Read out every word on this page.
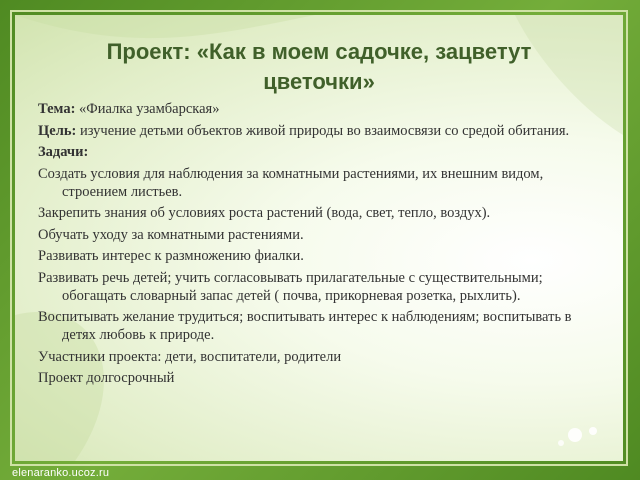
Проект: «Как в моем садочке, зацветут цветочки»
Тема: «Фиалка узамбарская»
Цель: изучение детьми объектов живой природы во взаимосвязи со средой обитания.
Задачи:
Создать условия для наблюдения за комнатными растениями, их внешним видом, строением листьев.
Закрепить знания об условиях роста растений (вода, свет, тепло, воздух).
Обучать уходу за комнатными растениями.
Развивать интерес к размножению фиалки.
Развивать речь детей; учить согласовывать прилагательные с существительными; обогащать словарный запас детей ( почва, прикорневая розетка, рыхлить).
Воспитывать желание трудиться; воспитывать интерес к наблюдениям; воспитывать в детях любовь к природе.
Участники проекта: дети, воспитатели, родители
Проект долгосрочный
elenaranko.ucoz.ru
